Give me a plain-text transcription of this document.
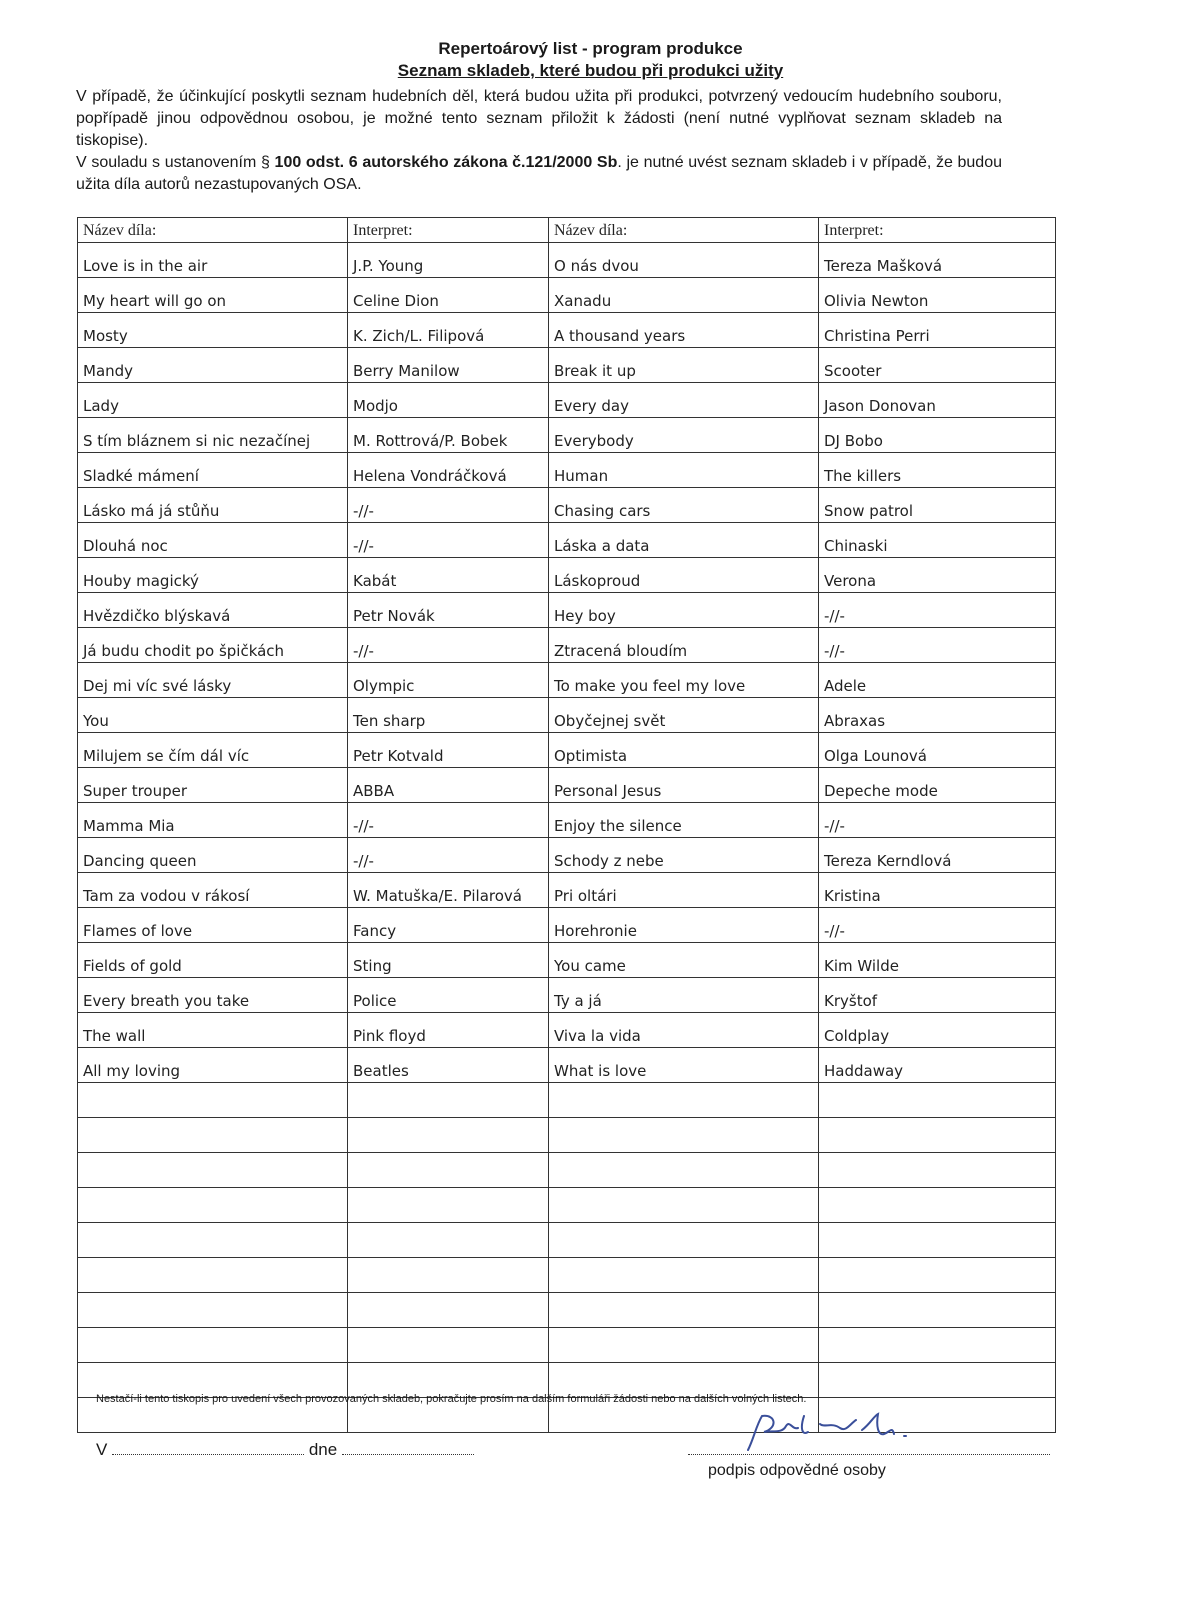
Repertoárový list - program produkce
Seznam skladeb, které budou při produkci užity

V případě, že účinkující poskytli seznam hudebních děl, která budou užita při produkci, potvrzený vedoucím hudebního souboru, popřípadě jinou odpovědnou osobou, je možné tento seznam přiložit k žádosti (není nutné vyplňovat seznam skladeb na tiskopise).

V souladu s ustanovením § 100 odst. 6 autorského zákona č.121/2000 Sb. je nutné uvést seznam skladeb i v případě, že budou užita díla autorů nezastupovaných OSA.

Název díla:	Interpret:	Název díla:	Interpret:
Love is in the air	J.P. Young	O nás dvou	Tereza Mašková
My heart will go on	Celine Dion	Xanadu	Olivia Newton
Mosty	K. Zich/L. Filipová	A thousand years	Christina Perri
Mandy	Berry Manilow	Break it up	Scooter
Lady	Modjo	Every day	Jason Donovan
S tím bláznem si nic nezačínej	M. Rottrová/P. Bobek	Everybody	DJ Bobo
Sladké mámení	Helena Vondráčková	Human	The killers
Lásko má já stůňu	-//-	Chasing cars	Snow patrol
Dlouhá noc	-//-	Láska a data	Chinaski
Houby magický	Kabát	Láskoproud	Verona
Hvězdičko blýskavá	Petr Novák	Hey boy	-//-
Já budu chodit po špičkách	-//-	Ztracená bloudím	-//-
Dej mi víc své lásky	Olympic	To make you feel my love	Adele
You	Ten sharp	Obyčejnej svět	Abraxas
Milujem se čím dál víc	Petr Kotvald	Optimista	Olga Lounová
Super trouper	ABBA	Personal Jesus	Depeche mode
Mamma Mia	-//-	Enjoy the silence	-//-
Dancing queen	-//-	Schody z nebe	Tereza Kerndlová
Tam za vodou v rákosí	W. Matuška/E. Pilarová	Pri oltári	Kristina
Flames of love	Fancy	Horehronie	-//-
Fields of gold	Sting	You came	Kim Wilde
Every breath you take	Police	Ty a já	Kryštof
The wall	Pink floyd	Viva la vida	Coldplay
All my loving	Beatles	What is love	Haddaway

Nestačí-li tento tiskopis pro uvedení všech provozovaných skladeb, pokračujte prosím na dalším formuláři žádosti nebo na dalších volných listech.
V	dne
podpis odpovědné osoby
